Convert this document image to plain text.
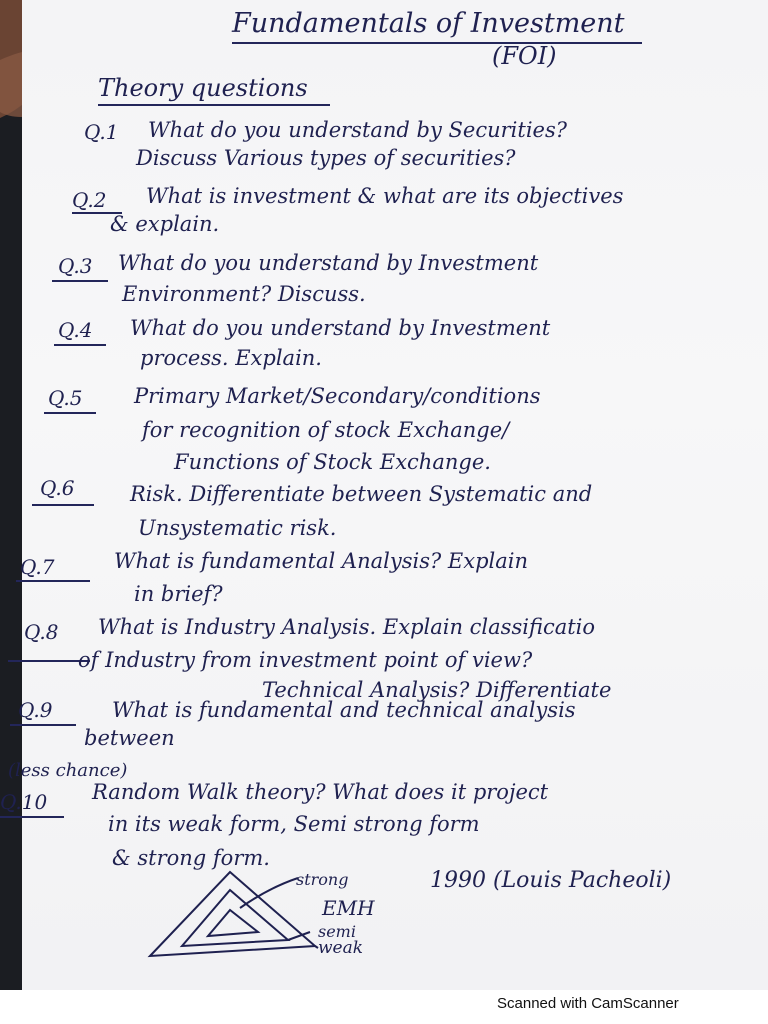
Fundamentals of Investment
(FOI)
Theory questions
Q.1 What do you understand by Securities?
Discuss Various types of securities?
Q.2 What is investment & what are its objectives
& explain.
Q.3 What do you understand by Investment
Environment? Discuss.
Q.4 What do you understand by Investment
process. Explain.
Q.5 Primary Market/Secondary/conditions
for recognition of stock Exchange/
Functions of Stock Exchange.
Q.6	Risk. Differentiate between Systematic and
Unsystematic risk.
Q.7	What is fundamental Analysis? Explain
in brief?
Q.8 What is Industry Analysis. Explain classificatio
of Industry from investment point of view?
Q.9
Technical Analysis? Differentiate
What is fundamental and technical analysis
between
(less chance)
Q.10 Random Walk theory? What does it project
in its weak form, Semi strong form
& strong form.
strong
EMH
semi
weak
1990 (Louis Pacheoli)
Scanned with CamScanner
